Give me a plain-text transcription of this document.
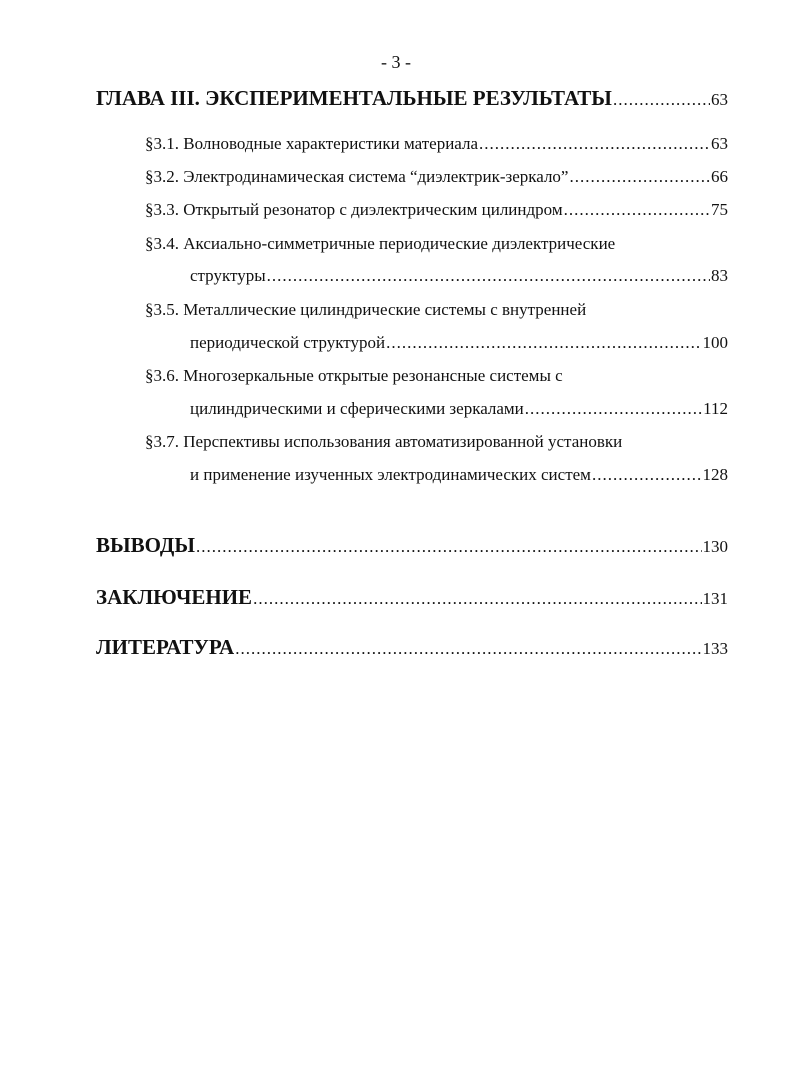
- 3 -
ГЛАВА III. ЭКСПЕРИМЕНТАЛЬНЫЕ РЕЗУЛЬТАТЫ .....	63
§3.1. Волноводные характеристики материала .....	63
§3.2. Электродинамическая система “диэлектрик-зеркало” .....	66
§3.3. Открытый резонатор с диэлектрическим цилиндром .....	75
§3.4. Аксиально-симметричные периодические диэлектрические
структуры .....	83
§3.5. Металлические цилиндрические системы с внутренней
периодической структурой .....	100
§3.6. Многозеркальные открытые резонансные системы с
цилиндрическими и сферическими зеркалами .....	112
§3.7. Перспективы использования автоматизированной установки
и применение изученных электродинамических систем .....	128
ВЫВОДЫ .....	130
ЗАКЛЮЧЕНИЕ .....	131
ЛИТЕРАТУРА .....	133
